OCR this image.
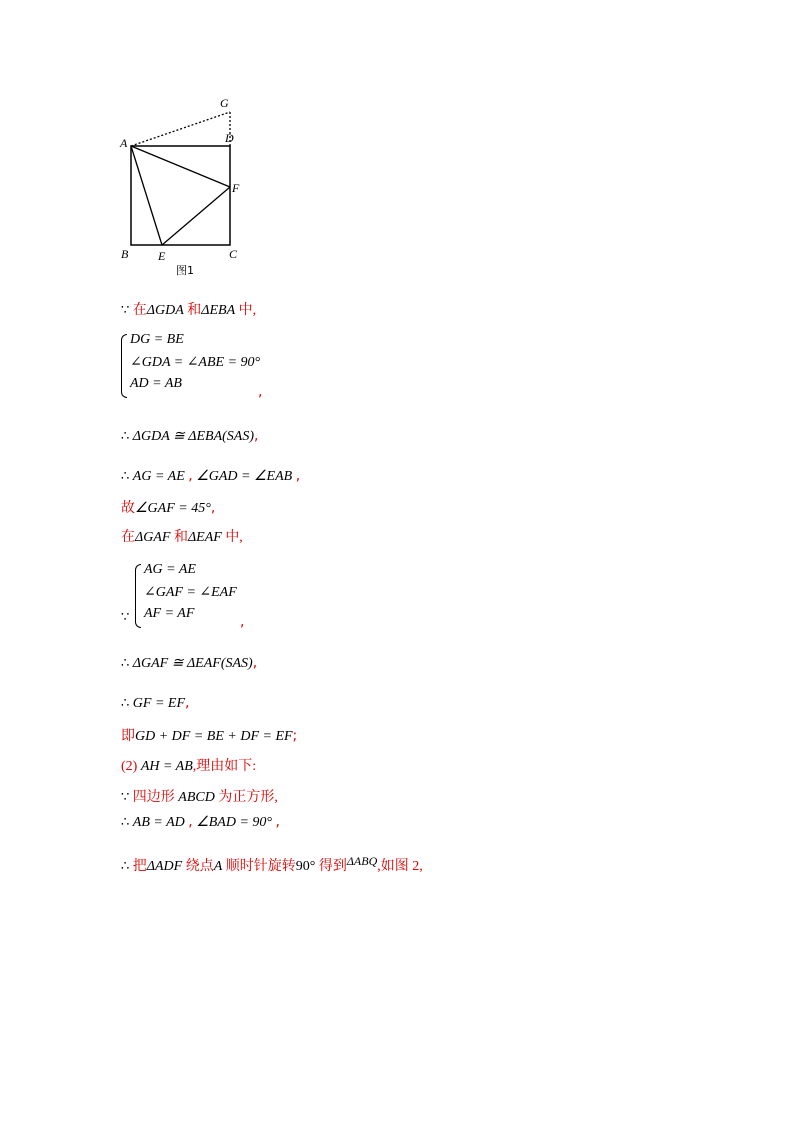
A
B	C
D
E
F
G
图1
∵ 在ΔGDA 和ΔEBA 中,
DG = BE
∠GDA = ∠ABE = 90°
AD = AB
,
∴ ΔGDA ≅ ΔEBA(SAS),
∴ AG = AE , ∠GAD = ∠EAB ,
故∠GAF = 45°,
在ΔGAF 和ΔEAF 中,
∵
AG = AE
∠GAF = ∠EAF
AF = AF
,
∴ ΔGAF ≅ ΔEAF(SAS),
∴ GF = EF,
即GD + DF = BE + DF = EF;
(2) AH = AB,理由如下:
∵ 四边形 ABCD 为正方形,
∴ AB = AD , ∠BAD = 90° ,
∴ 把ΔADF 绕点A 顺时针旋转90° 得到ΔABQ,如图 2,
